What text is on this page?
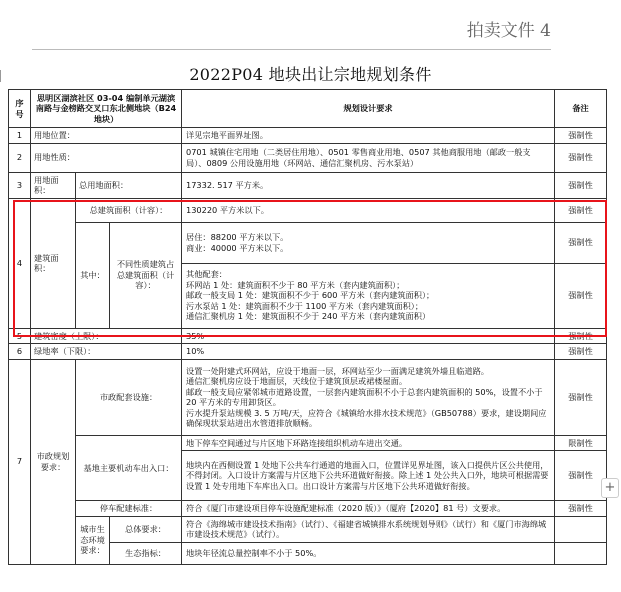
拍卖文件 4
2022P04 地块出让宗地规划条件
序号	思明区湖滨社区 03-04 编制单元湖滨南路与金榜路交叉口东北侧地块（B24 地块）			规划设计要求	备注
1	用地位置：			详见宗地平面界址图。	强制性
2	用地性质：			0701 城镇住宅用地（二类居住用地）、0501 零售商业用地、0507 其他商服用地（邮政一般支局）、0809 公用设施用地（环网站、通信汇聚机房、污水泵站）	强制性
3	用地面积：	总用地面积：		17332. 517 平方米。	强制性
4	建筑面积：	总建筑面积（计容）：		130220 平方米以下。	强制性
		其中：	不同性质建筑占总建筑面积（计容）：	居住：88200 平方米以下。
商业：40000 平方米以下。	强制性

				其他配套：
环网站 1 处：建筑面积不少于 80 平方米（套内建筑面积）；
邮政一般支局 1 处：建筑面积不少于 600 平方米（套内建筑面积）；
污水泵站 1 处：建筑面积不少于 1100 平方米（套内建筑面积）；
通信汇聚机房 1 处：建筑面积不少于 240 平方米（套内建筑面积）	强制性
5	建筑密度（上限）：			35%	强制性
6	绿地率（下限）：			10%	强制性
7	市政规划要求：	市政配套设施：		设置一处附建式环网站，应设于地面一层，环网站至少一面满足建筑外墙且临道路。
通信汇聚机房应设于地面层，天线位于建筑顶层或裙楼屋面。
邮政一般支局应紧邻城市道路设置，一层套内建筑面积不小于总套内建筑面积的 50%，设置不小于 20 平方米的专用卸货区。
污水提升泵站规模 3. 5 万吨/天，应符合《城镇给水排水技术规范》（GB50788）要求，建设期间应确保现状泵站进出水管道排放顺畅。	强制性
		基地主要机动车出入口：		地下停车空间通过与片区地下环路连接组织机动车进出交通。	限制性
				地块内在西侧设置 1 处地下公共车行通道的地面入口，位置详见界址图，该入口提供片区公共使用，不得封闭。入口设计方案需与片区地下公共环道做好衔接。除上述 1 处公共入口外，地块可根据需要设置 1 处专用地下车库出入口。出口设计方案需与片区地下公共环道做好衔接。	强制性
		停车配建标准：		符合《厦门市建设项目停车设施配建标准（2020 版）》（厦府【2020】81 号）文要求。	强制性
		城市生态环境要求：	总体要求：	符合《海绵城市建设技术指南》（试行）、《福建省城镇排水系统规划导则》（试行）和《厦门市海绵城市建设技术规范》（试行）。	
			生态指标：	地块年径流总量控制率不小于 50%。	
+
